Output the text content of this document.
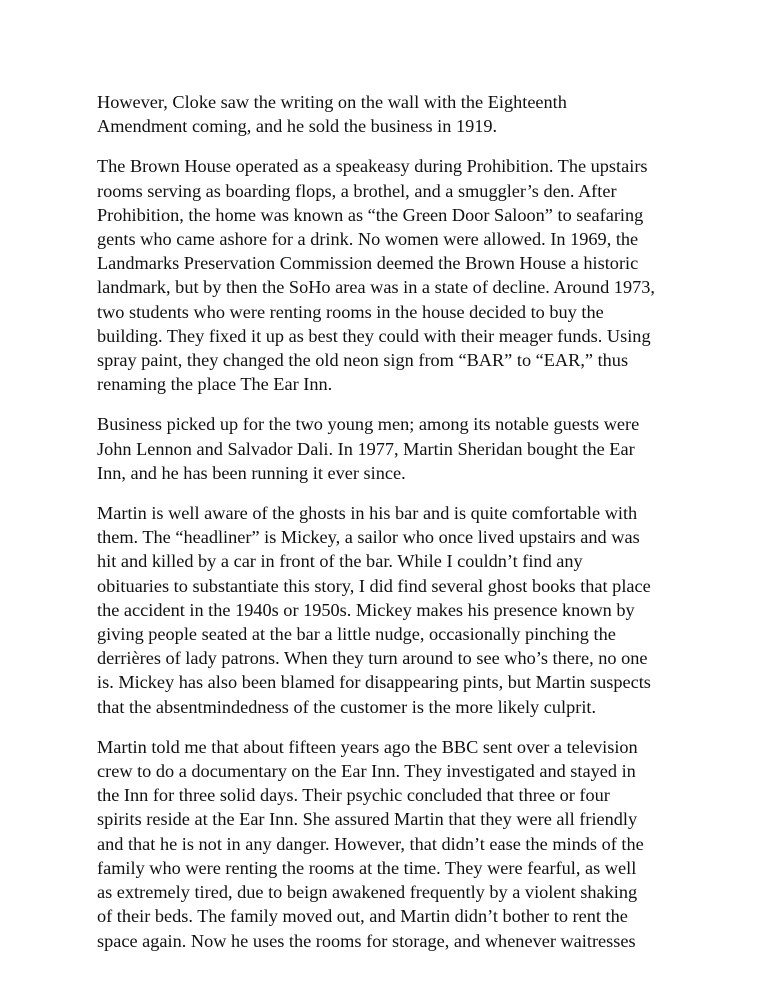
However, Cloke saw the writing on the wall with the Eighteenth
Amendment coming, and he sold the business in 1919.

The Brown House operated as a speakeasy during Prohibition. The upstairs
rooms serving as boarding flops, a brothel, and a smuggler’s den. After
Prohibition, the home was known as “the Green Door Saloon” to seafaring
gents who came ashore for a drink. No women were allowed. In 1969, the
Landmarks Preservation Commission deemed the Brown House a historic
landmark, but by then the SoHo area was in a state of decline. Around 1973,
two students who were renting rooms in the house decided to buy the
building. They fixed it up as best they could with their meager funds. Using
spray paint, they changed the old neon sign from “BAR” to “EAR,” thus
renaming the place The Ear Inn.

Business picked up for the two young men; among its notable guests were
John Lennon and Salvador Dali. In 1977, Martin Sheridan bought the Ear
Inn, and he has been running it ever since.

Martin is well aware of the ghosts in his bar and is quite comfortable with
them. The “headliner” is Mickey, a sailor who once lived upstairs and was
hit and killed by a car in front of the bar. While I couldn’t find any
obituaries to substantiate this story, I did find several ghost books that place
the accident in the 1940s or 1950s. Mickey makes his presence known by
giving people seated at the bar a little nudge, occasionally pinching the
derrières of lady patrons. When they turn around to see who’s there, no one
is. Mickey has also been blamed for disappearing pints, but Martin suspects
that the absentmindedness of the customer is the more likely culprit.

Martin told me that about fifteen years ago the BBC sent over a television
crew to do a documentary on the Ear Inn. They investigated and stayed in
the Inn for three solid days. Their psychic concluded that three or four
spirits reside at the Ear Inn. She assured Martin that they were all friendly
and that he is not in any danger. However, that didn’t ease the minds of the
family who were renting the rooms at the time. They were fearful, as well
as extremely tired, due to beign awakened frequently by a violent shaking
of their beds. The family moved out, and Martin didn’t bother to rent the
space again. Now he uses the rooms for storage, and whenever waitresses
